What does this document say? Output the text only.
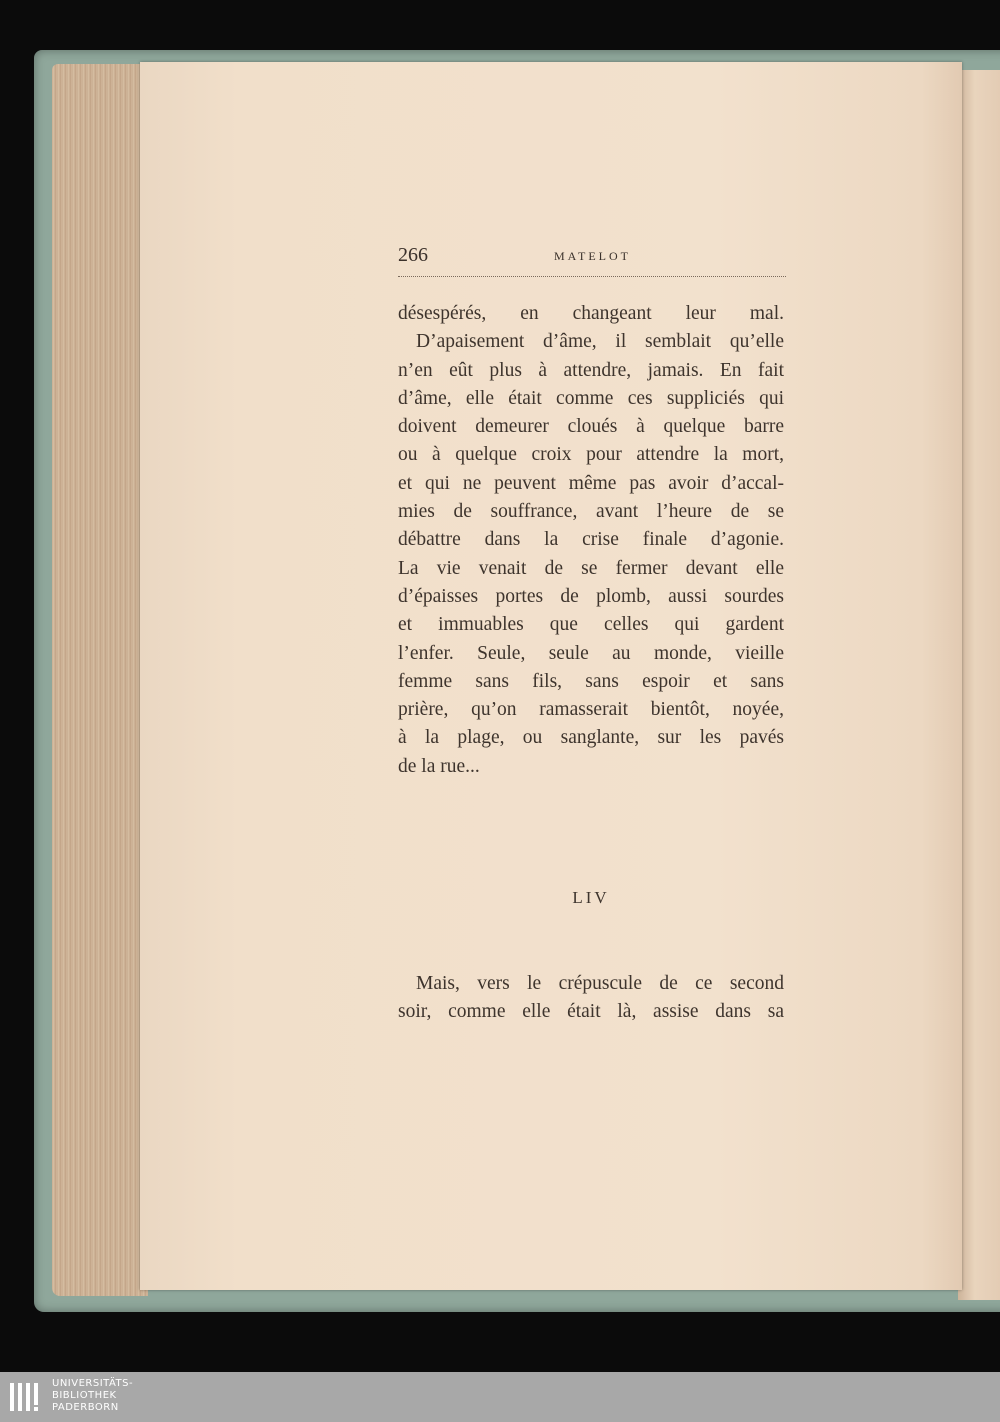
266	MATELOT
désespérés, en changeant leur mal.
D’apaisement d’âme, il semblait qu’elle
n’en eût plus à attendre, jamais. En fait
d’âme, elle était comme ces suppliciés qui
doivent demeurer cloués à quelque barre
ou à quelque croix pour attendre la mort,
et qui ne peuvent même pas avoir d’accal-
mies de souffrance, avant l’heure de se
débattre dans la crise finale d’agonie.
La vie venait de se fermer devant elle
d’épaisses portes de plomb, aussi sourdes
et immuables que celles qui gardent
l’enfer. Seule, seule au monde, vieille
femme sans fils, sans espoir et sans
prière, qu’on ramasserait bientôt, noyée,
à la plage, ou sanglante, sur les pavés
de la rue...
LIV
Mais, vers le crépuscule de ce second
soir, comme elle était là, assise dans sa
UNIVERSITÄTS-
BIBLIOTHEK
PADERBORN
